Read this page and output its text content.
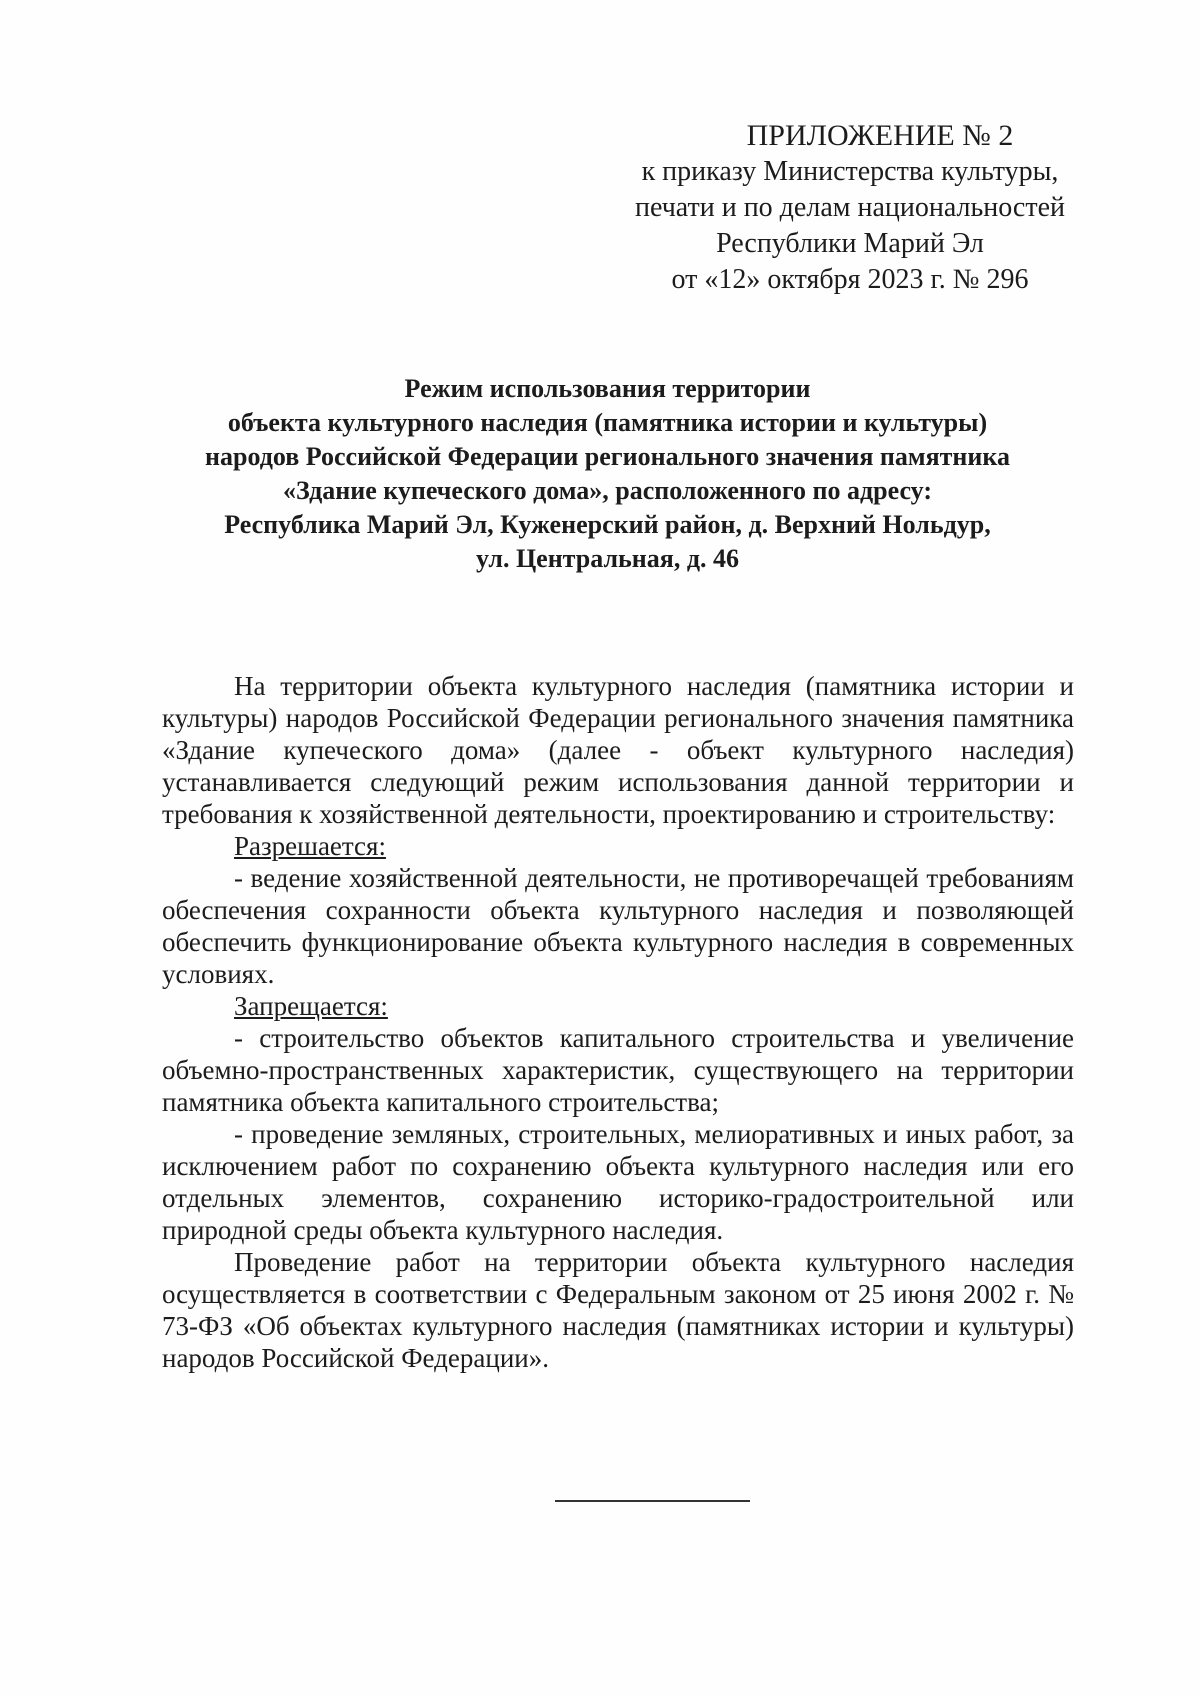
ПРИЛОЖЕНИЕ № 2
к приказу Министерства культуры,
печати и по делам национальностей
Республики Марий Эл
от «12» октября 2023 г. № 296
Режим использования территории
объекта культурного наследия (памятника истории и культуры)
народов Российской Федерации регионального значения памятника
«Здание купеческого дома», расположенного по адресу:
Республика Марий Эл, Куженерский район, д. Верхний Нольдур,
ул. Центральная, д. 46

На территории объекта культурного наследия (памятника истории и культуры) народов Российской Федерации регионального значения памятника «Здание купеческого дома» (далее - объект культурного наследия) устанавливается следующий режим использования данной территории и требования к хозяйственной деятельности, проектированию и строительству:

Разрешается:

- ведение хозяйственной деятельности, не противоречащей требованиям обеспечения сохранности объекта культурного наследия и позволяющей обеспечить функционирование объекта культурного наследия в современных условиях.

Запрещается:

- строительство объектов капитального строительства и увеличение объемно-пространственных характеристик, существующего на территории памятника объекта капитального строительства;

- проведение земляных, строительных, мелиоративных и иных работ, за исключением работ по сохранению объекта культурного наследия или его отдельных элементов, сохранению историко-градостроительной или природной среды объекта культурного наследия.

Проведение работ на территории объекта культурного наследия осуществляется в соответствии с Федеральным законом от 25 июня 2002 г. № 73-ФЗ «Об объектах культурного наследия (памятниках истории и культуры) народов Российской Федерации».
